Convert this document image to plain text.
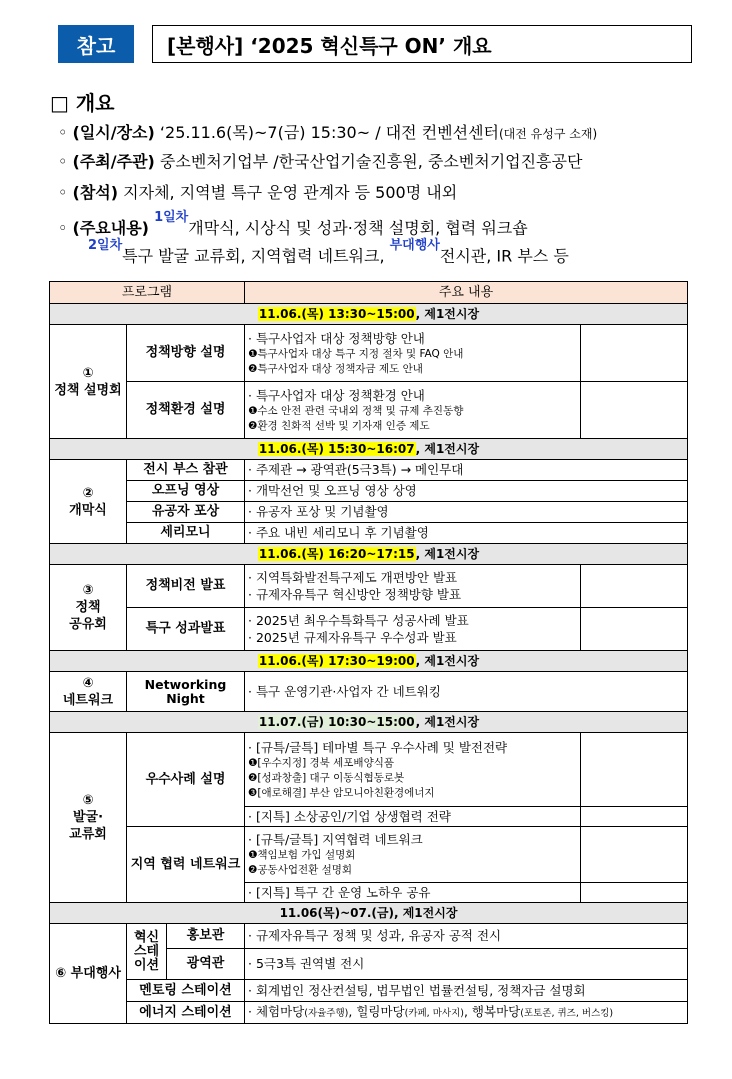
참고	[본행사] ‘2025 혁신특구 ON’ 개요
□ 개요
◦ (일시/장소) ‘25.11.6(목)~7(금) 15:30~ / 대전 컨벤션센터(대전 유성구 소재)
◦ (주최/주관) 중소벤처기업부 /한국산업기술진흥원, 중소벤처기업진흥공단
◦ (참석) 지자체, 지역별 특구 운영 관계자 등 500명 내외
◦ (주요내용) $^{1일차}$개막식, 시상식 및 성과·정책 설명회, 협력 워크숍
$^{2일차}$특구 발굴 교류회, 지역협력 네트워크, $^{부대행사}$전시관, IR 부스 등
프로그램			주요 내용	
11.06.(목) 13:30~15:00, 제1전시장				
①
정책 설명회	정책방향 설명		· 특구사업자 대상 정책방향 안내
❶특구사업자 대상 특구 지정 절차 및 FAQ 안내
❷특구사업자 대상 정책자금 제도 안내	

	정책환경 설명		· 특구사업자 대상 정책환경 안내
❶수소 안전 관련 국내외 정책 및 규제 추진동향
❷환경 친화적 선박 및 기자재 인증 제도	

11.06.(목) 15:30~16:07, 제1전시장				
②
개막식	전시 부스 참관		· 주제관 → 광역관(5극3특) → 메인무대	
	오프닝 영상		· 개막선언 및 오프닝 영상 상영	
	유공자 포상		· 유공자 포상 및 기념촬영	
	세리모니		· 주요 내빈 세리모니 후 기념촬영	
11.06.(목) 16:20~17:15, 제1전시장				
③
정책
공유회	정책비전 발표		· 지역특화발전특구제도 개편방안 발표
· 규제자유특구 혁신방안 정책방향 발표	

	특구 성과발표		· 2025년 최우수특화특구 성공사례 발표
· 2025년 규제자유특구 우수성과 발표	

11.06.(목) 17:30~19:00, 제1전시장				
④
네트워크	Networking Night		· 특구 운영기관·사업자 간 네트워킹	
11.07.(금) 10:30~15:00, 제1전시장				
⑤
발굴·
교류회	우수사례 설명		· [규특/글특] 테마별 특구 우수사례 및 발전전략
❶[우수지정] 경북 세포배양식품
❷[성과창출] 대구 이동식협동로봇
❸[애로해결] 부산 암모니아친환경에너지	

			· [지특] 소상공인/기업 상생협력 전략	
	지역 협력 네트워크		· [규특/글특] 지역협력 네트워크
❶책임보험 가입 설명회
❷공동사업전환 설명회	

			· [지특] 특구 간 운영 노하우 공유	
11.06(목)~07.(금), 제1전시장				
⑥ 부대행사	혁신 스테이션	홍보관	· 규제자유특구 정책 및 성과, 유공자 공적 전시	
		광역관	· 5극3특 권역별 전시	
	멘토링 스테이션		· 회계법인 정산컨설팅, 법무법인 법률컨설팅, 정책자금 설명회	
	에너지 스테이션		· 체험마당(자율주행), 힐링마당(카페, 마사지), 행복마당(포토존, 퀴즈, 버스킹)	
